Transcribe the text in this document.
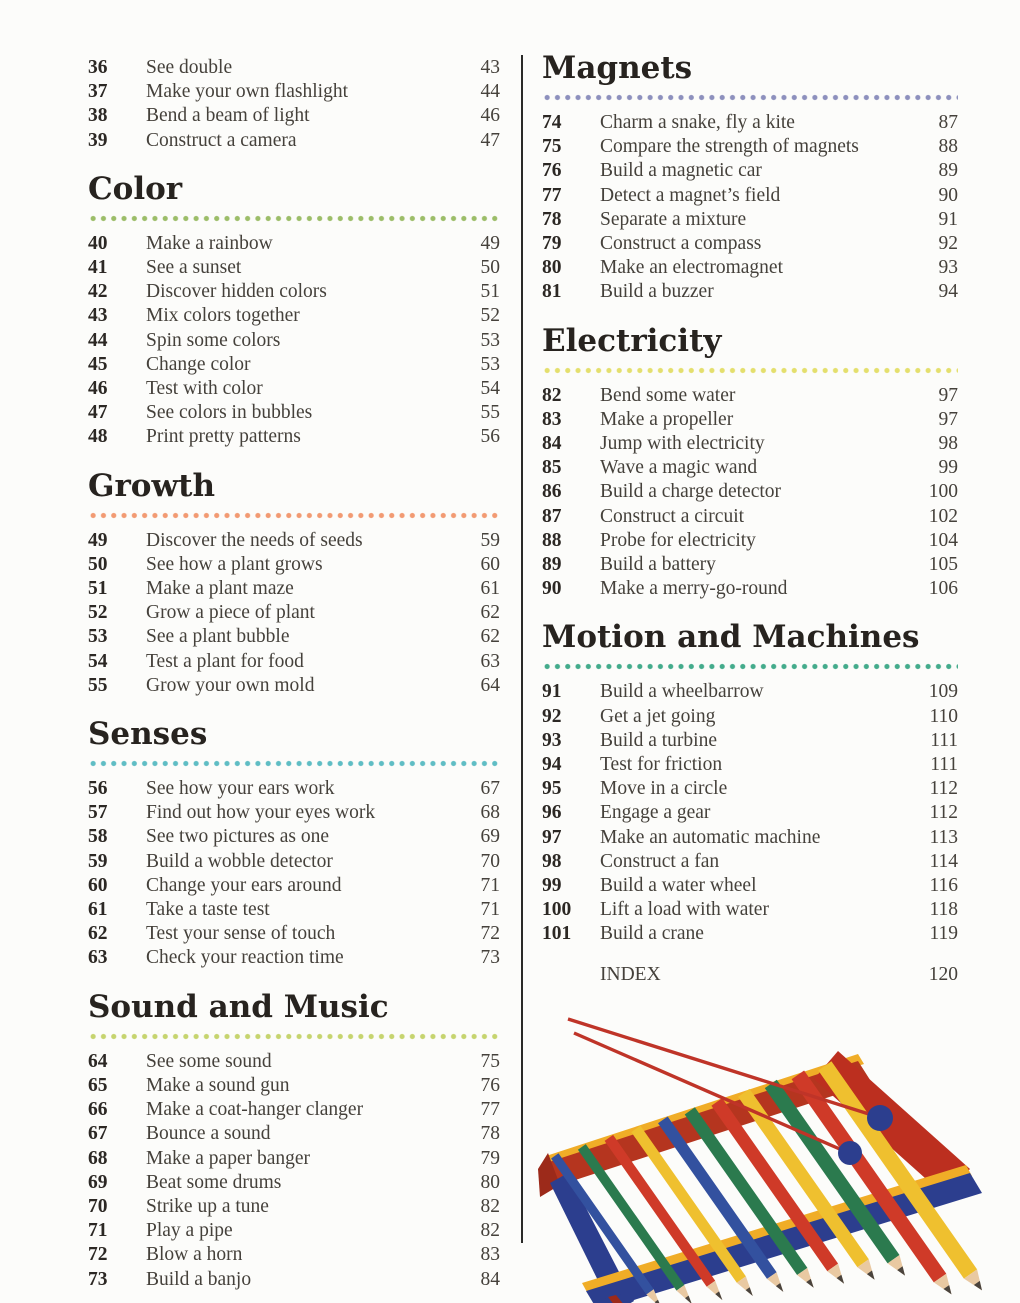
36	See double	43
37	Make your own flashlight	44
38	Bend a beam of light	46
39	Construct a camera	47
Color
40	Make a rainbow	49
41	See a sunset	50
42	Discover hidden colors	51
43	Mix colors together	52
44	Spin some colors	53
45	Change color	53
46	Test with color	54
47	See colors in bubbles	55
48	Print pretty patterns	56
Growth
49	Discover the needs of seeds	59
50	See how a plant grows	60
51	Make a plant maze	61
52	Grow a piece of plant	62
53	See a plant bubble	62
54	Test a plant for food	63
55	Grow your own mold	64
Senses
56	See how your ears work	67
57	Find out how your eyes work	68
58	See two pictures as one	69
59	Build a wobble detector	70
60	Change your ears around	71
61	Take a taste test	71
62	Test your sense of touch	72
63	Check your reaction time	73
Sound and Music
64	See some sound	75
65	Make a sound gun	76
66	Make a coat-hanger clanger	77
67	Bounce a sound	78
68	Make a paper banger	79
69	Beat some drums	80
70	Strike up a tune	82
71	Play a pipe	82
72	Blow a horn	83
73	Build a banjo	84
Magnets
74	Charm a snake, fly a kite	87
75	Compare the strength of magnets	88
76	Build a magnetic car	89
77	Detect a magnet’s field	90
78	Separate a mixture	91
79	Construct a compass	92
80	Make an electromagnet	93
81	Build a buzzer	94
Electricity
82	Bend some water	97
83	Make a propeller	97
84	Jump with electricity	98
85	Wave a magic wand	99
86	Build a charge detector	100
87	Construct a circuit	102
88	Probe for electricity	104
89	Build a battery	105
90	Make a merry-go-round	106
Motion and Machines
91	Build a wheelbarrow	109
92	Get a jet going	110
93	Build a turbine	111
94	Test for friction	111
95	Move in a circle	112
96	Engage a gear	112
97	Make an automatic machine	113
98	Construct a fan	114
99	Build a water wheel	116
100	Lift a load with water	118
101	Build a crane	119
INDEX	120
